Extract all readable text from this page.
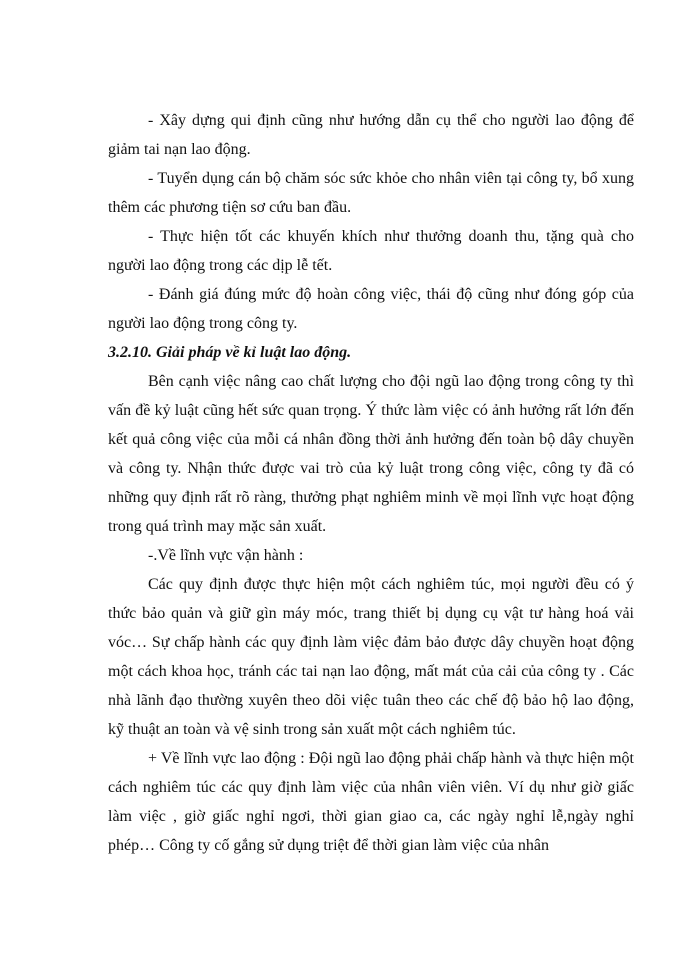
- Xây dựng qui định cũng như hướng dẫn cụ thể cho người lao động để giảm tai nạn lao động.

- Tuyển dụng cán bộ chăm sóc sức khỏe cho nhân viên tại công ty, bổ xung thêm các phương tiện sơ cứu ban đầu.

- Thực hiện tốt các khuyến khích như thưởng doanh thu, tặng quà cho người lao động trong các dịp lễ tết.

- Đánh giá đúng mức độ hoàn công việc, thái độ cũng như đóng góp của người lao động trong công ty.

3.2.10. Giải pháp về kỉ luật lao động.

Bên cạnh việc nâng cao chất lượng cho đội ngũ lao động trong công ty thì vấn đề kỷ luật cũng hết sức quan trọng. Ý thức làm việc có ảnh hưởng rất lớn đến kết quả công việc của mỗi cá nhân đồng thời ảnh hưởng đến toàn bộ dây chuyền và công ty. Nhận thức được vai trò của kỷ luật trong công việc, công ty đã có những quy định rất rõ ràng, thưởng phạt nghiêm minh về mọi lĩnh vực hoạt động trong quá trình may mặc sản xuất.

-.Về lĩnh vực vận hành :

Các quy định được thực hiện một cách nghiêm túc, mọi người đều có ý thức bảo quản và giữ gìn máy móc, trang thiết bị dụng cụ vật tư hàng hoá vải vóc… Sự chấp hành các quy định làm việc đảm bảo được dây chuyền hoạt động một cách khoa học, tránh các tai nạn lao động, mất mát của cải của công ty . Các nhà lãnh đạo thường xuyên theo dõi việc tuân theo các chế độ bảo hộ lao động, kỹ thuật an toàn và vệ sinh trong sản xuất một cách nghiêm túc.

+ Về lĩnh vực lao động : Đội ngũ lao động phải chấp hành và thực hiện một cách nghiêm túc các quy định làm việc của nhân viên viên. Ví dụ như giờ giấc làm việc , giờ giấc nghỉ ngơi, thời gian giao ca, các ngày nghỉ lễ,ngày nghỉ phép… Công ty cố gắng sử dụng triệt để thời gian làm việc của nhân
